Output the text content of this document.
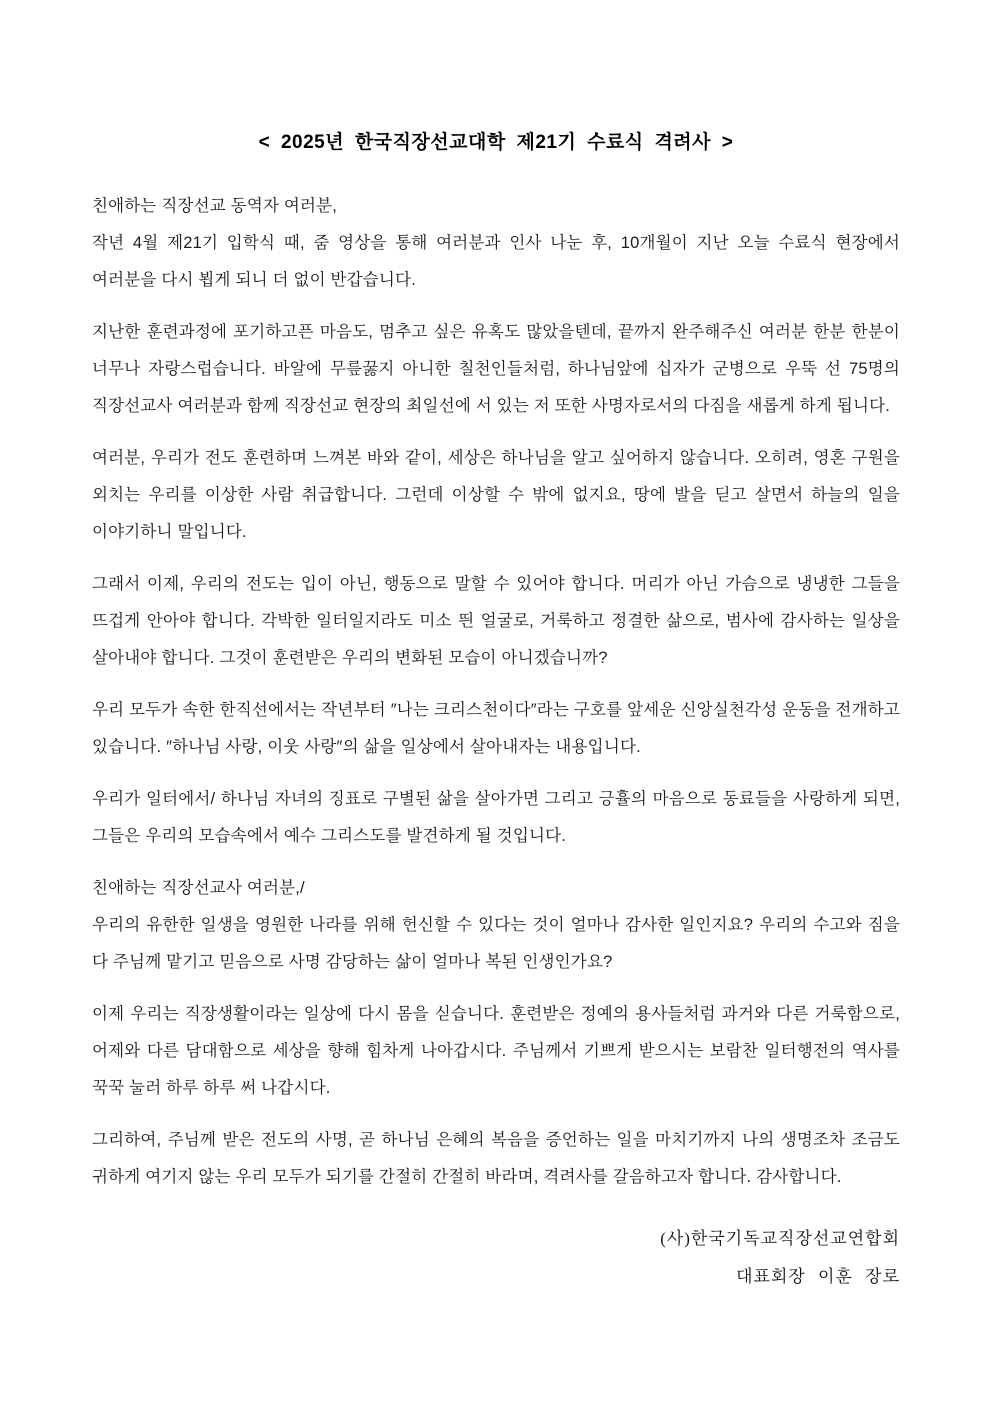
< 2025년 한국직장선교대학 제21기 수료식 격려사 >

친애하는 직장선교 동역자 여러분,
작년 4월 제21기 입학식 때, 줌 영상을 통해 여러분과 인사 나눈 후, 10개월이 지난 오늘 수료식 현장에서 여러분을 다시 뵙게 되니 더 없이 반갑습니다.

지난한 훈련과정에 포기하고픈 마음도, 멈추고 싶은 유혹도 많았을텐데, 끝까지 완주해주신 여러분 한분 한분이 너무나 자랑스럽습니다. 바알에 무릎꿇지 아니한 칠천인들처럼, 하나님앞에 십자가 군병으로 우뚝 선 75명의 직장선교사 여러분과 함께 직장선교 현장의 최일선에 서 있는 저 또한 사명자로서의 다짐을 새롭게 하게 됩니다.

여러분, 우리가 전도 훈련하며 느껴본 바와 같이, 세상은 하나님을 알고 싶어하지 않습니다. 오히려, 영혼 구원을 외치는 우리를 이상한 사람 취급합니다. 그런데 이상할 수 밖에 없지요, 땅에 발을 딛고 살면서 하늘의 일을 이야기하니 말입니다.

그래서 이제, 우리의 전도는 입이 아닌, 행동으로 말할 수 있어야 합니다. 머리가 아닌 가슴으로 냉냉한 그들을 뜨겁게 안아야 합니다. 각박한 일터일지라도 미소 띈 얼굴로, 거룩하고 정결한 삶으로, 범사에 감사하는 일상을 살아내야 합니다. 그것이 훈련받은 우리의 변화된 모습이 아니겠습니까?

우리 모두가 속한 한직선에서는 작년부터 ″나는 크리스천이다″라는 구호를 앞세운 신앙실천각성 운동을 전개하고 있습니다. ″하나님 사랑, 이웃 사랑″의 삶을 일상에서 살아내자는 내용입니다.

우리가 일터에서/ 하나님 자녀의 징표로 구별된 삶을 살아가면 그리고 긍휼의 마음으로 동료들을 사랑하게 되면, 그들은 우리의 모습속에서 예수 그리스도를 발견하게 될 것입니다.

친애하는 직장선교사 여러분,/
우리의 유한한 일생을 영원한 나라를 위해 헌신할 수 있다는 것이 얼마나 감사한 일인지요? 우리의 수고와 짐을 다 주님께 맡기고 믿음으로 사명 감당하는 삶이 얼마나 복된 인생인가요?

이제 우리는 직장생활이라는 일상에 다시 몸을 싣습니다. 훈련받은 정예의 용사들처럼 과거와 다른 거룩함으로, 어제와 다른 담대함으로 세상을 향해 힘차게 나아갑시다. 주님께서 기쁘게 받으시는 보람찬 일터행전의 역사를 꾹꾹 눌러 하루 하루 써 나갑시다.

그리하여, 주님께 받은 전도의 사명, 곧 하나님 은혜의 복음을 증언하는 일을 마치기까지 나의 생명조차 조금도 귀하게 여기지 않는 우리 모두가 되기를 간절히 간절히 바라며, 격려사를 갈음하고자 합니다. 감사합니다.

(사)한국기독교직장선교연합회
대표회장 이훈 장로
